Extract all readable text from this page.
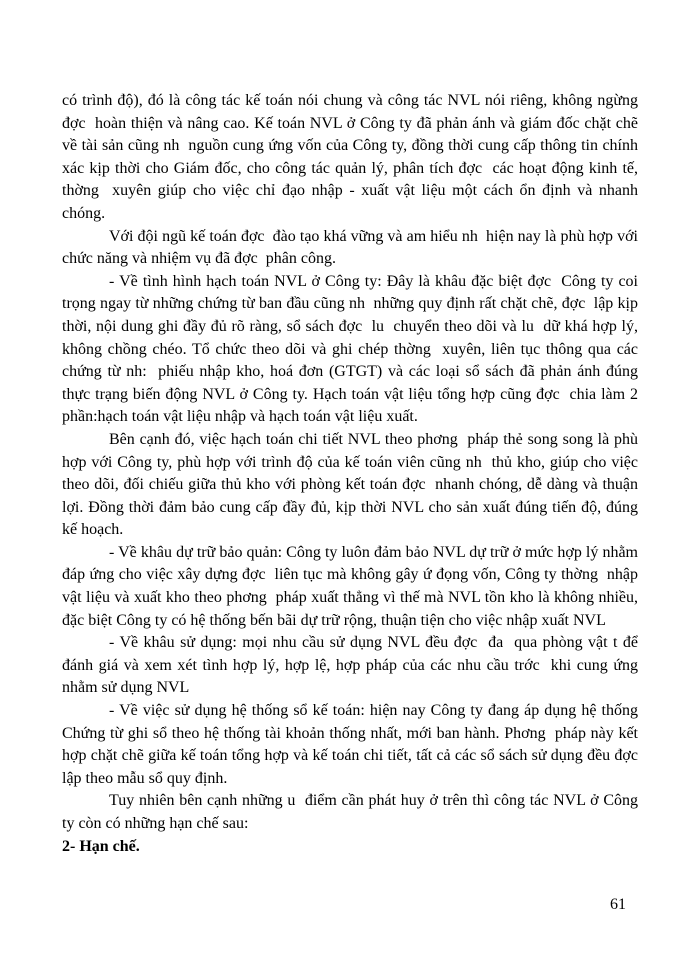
có trình độ), đó là công tác kế toán nói chung và công tác NVL nói riêng, không ngừng đợc  hoàn thiện và nâng cao. Kế toán NVL ở Công ty đã phản ánh và giám đốc chặt chẽ về tài sản cũng nh  nguồn cung ứng vốn của Công ty, đồng thời cung cấp thông tin chính xác kịp thời cho Giám đốc, cho công tác quản lý, phân tích đợc  các hoạt động kinh tế, thờng  xuyên giúp cho việc chỉ đạo nhập - xuất vật liệu một cách ổn định và nhanh chóng.

Với đội ngũ kế toán đợc  đào tạo khá vững và am hiểu nh  hiện nay là phù hợp với chức năng và nhiệm vụ đã đợc  phân công.

- Về tình hình hạch toán NVL ở Công ty: Đây là khâu đặc biệt đợc  Công ty coi trọng ngay từ những chứng từ ban đầu cũng nh  những quy định rất chặt chẽ, đợc  lập kịp thời, nội dung ghi đầy đủ rõ ràng, sổ sách đợc  lu  chuyển theo dõi và lu  dữ khá hợp lý, không chồng chéo. Tổ chức theo dõi và ghi chép thờng  xuyên, liên tục thông qua các chứng từ nh:  phiếu nhập kho, hoá đơn (GTGT) và các loại sổ sách đã phản ánh đúng thực trạng biến động NVL ở Công ty. Hạch toán vật liệu tổng hợp cũng đợc  chia làm 2 phần:hạch toán vật liệu nhập và hạch toán vật liệu xuất.

Bên cạnh đó, việc hạch toán chi tiết NVL theo phơng  pháp thẻ song song là phù hợp với Công ty, phù hợp với trình độ của kế toán viên cũng nh  thủ kho, giúp cho việc theo dõi, đối chiếu giữa thủ kho với phòng kết toán đợc  nhanh chóng, dễ dàng và thuận lợi. Đồng thời đảm bảo cung cấp đầy đủ, kịp thời NVL cho sản xuất đúng tiến độ, đúng kế hoạch.

- Về khâu dự trữ bảo quản: Công ty luôn đảm bảo NVL dự trữ ở mức hợp lý nhằm đáp ứng cho việc xây dựng đợc  liên tục mà không gây ứ đọng vốn, Công ty thờng  nhập vật liệu và xuất kho theo phơng  pháp xuất thẳng vì thế mà NVL tồn kho là không nhiều, đặc biệt Công ty có hệ thống bến bãi dự trữ rộng, thuận tiện cho việc nhập xuất NVL

- Về khâu sử dụng: mọi nhu cầu sử dụng NVL đều đợc  đa  qua phòng vật t để đánh giá và xem xét tình hợp lý, hợp lệ, hợp pháp của các nhu cầu trớc  khi cung ứng nhằm sử dụng NVL

- Về việc sử dụng hệ thống sổ kế toán: hiện nay Công ty đang áp dụng hệ thống Chứng từ ghi sổ theo hệ thống tài khoản thống nhất, mới ban hành. Phơng  pháp này kết hợp chặt chẽ giữa kế toán tổng hợp và kế toán chi tiết, tất cả các sổ sách sử dụng đều đợc  lập theo mẫu sổ quy định.

Tuy nhiên bên cạnh những u  điểm cần phát huy ở trên thì công tác NVL ở Công ty còn có những hạn chế sau:

2- Hạn chế.

61
